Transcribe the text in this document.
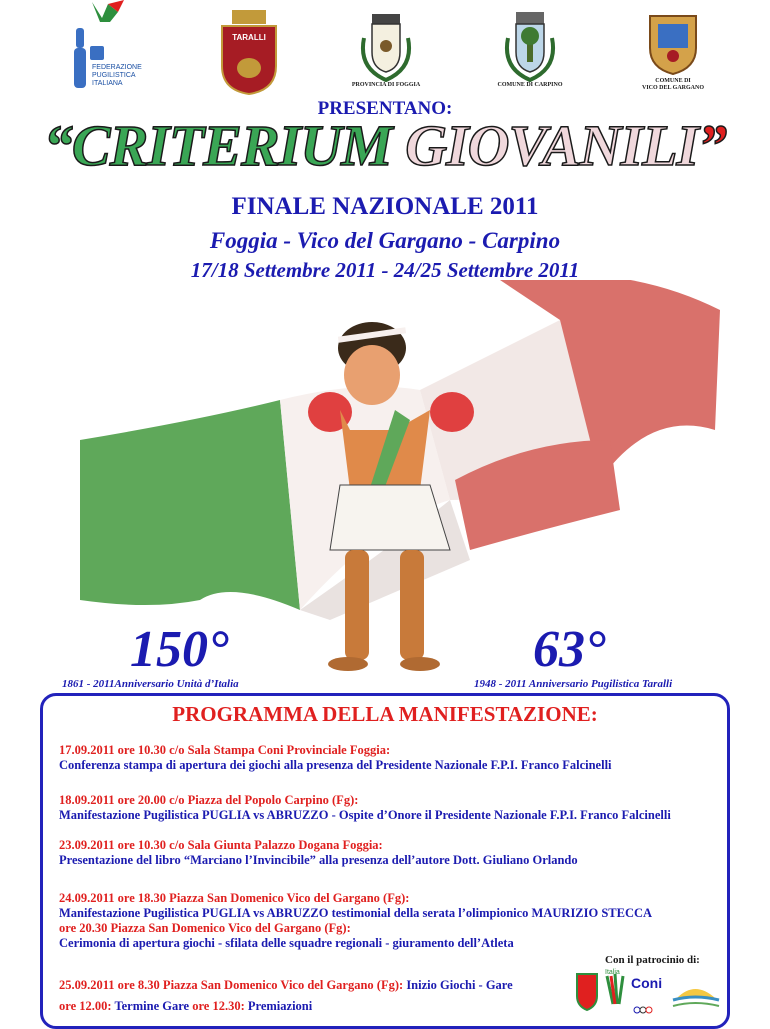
FEDERAZIONE
PUGILISTICA
ITALIANA
TARALLI
PROVINCIA DI FOGGIA	COMUNE DI CARPINO
COMUNE DI
VICO DEL GARGANO
PRESENTANO:
“CRITERIUM GIOVANILI”
FINALE NAZIONALE 2011
Foggia - Vico del Gargano - Carpino
17/18 Settembre 2011 - 24/25 Settembre 2011
150°
1861 - 2011Anniversario Unità d’Italia
63°
1948 - 2011 Anniversario Pugilistica Taralli
PROGRAMMA DELLA MANIFESTAZIONE:
17.09.2011 ore 10.30 c/o Sala Stampa Coni Provinciale Foggia:
Conferenza stampa di apertura dei giochi alla presenza del Presidente Nazionale F.P.I. Franco Falcinelli
18.09.2011 ore 20.00 c/o Piazza del Popolo Carpino (Fg):
Manifestazione Pugilistica PUGLIA vs ABRUZZO - Ospite d’Onore il Presidente Nazionale F.P.I. Franco Falcinelli
23.09.2011 ore 10.30 c/o Sala Giunta Palazzo Dogana Foggia:
Presentazione del libro “Marciano l’Invincibile” alla presenza dell’autore Dott. Giuliano Orlando
24.09.2011 ore 18.30 Piazza San Domenico Vico del Gargano (Fg):
Manifestazione Pugilistica PUGLIA vs ABRUZZO testimonial della serata l’olimpionico MAURIZIO STECCA
ore 20.30 Piazza San Domenico Vico del Gargano (Fg):
Cerimonia di apertura giochi - sfilata delle squadre regionali - giuramento dell’Atleta
25.09.2011 ore 8.30 Piazza San Domenico Vico del Gargano (Fg): Inizio Giochi - Gare
ore 12.00: Termine Gare ore 12.30: Premiazioni
Con il patrocinio di:
Italia
Coni
